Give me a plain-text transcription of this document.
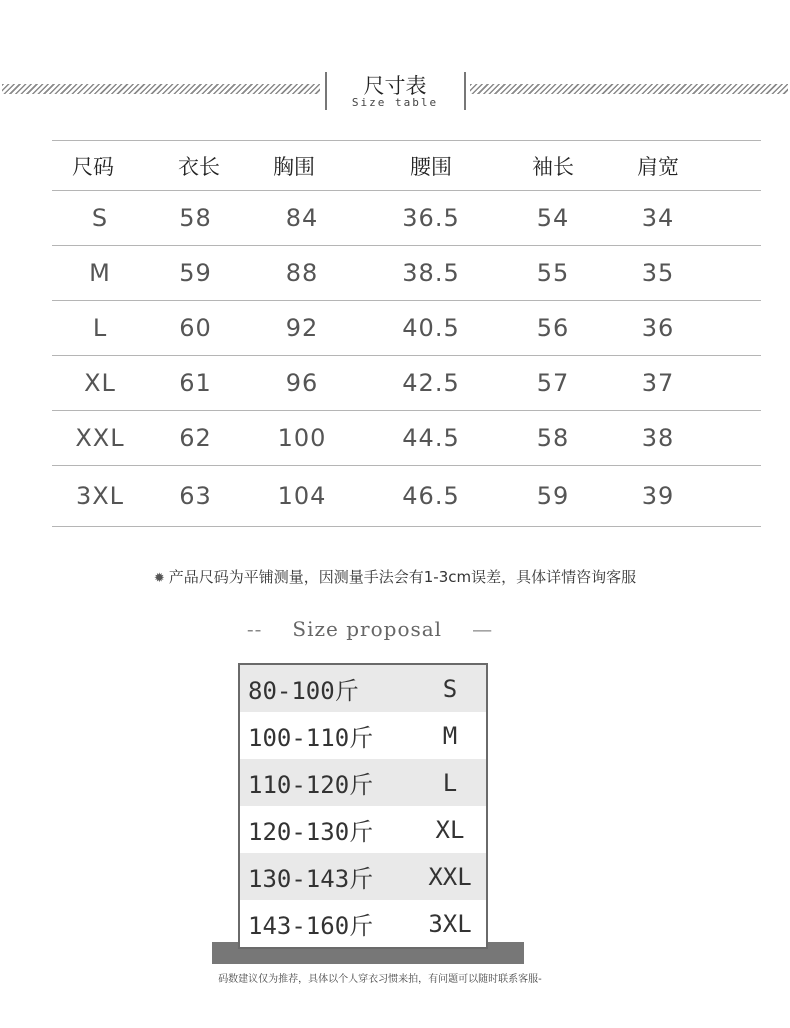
尺寸表
Size table
尺码	衣长	胸围	腰围	袖长	肩宽	
S	58	84	36.5	54	34	
M	59	88	38.5	55	35	
L	60	92	40.5	56	36	
XL	61	96	42.5	57	37	
XXL	62	100	44.5	58	38	
3XL	63	104	46.5	59	39	
✹ 产品尺码为平铺测量，因测量手法会有1-3cm误差，具体详情咨询客服
-- Size proposal —
80-100斤	S
100-110斤	M
110-120斤	L
120-130斤	XL
130-143斤	XXL
143-160斤	3XL
码数建议仅为推荐，具体以个人穿衣习惯来拍，有问题可以随时联系客服-
